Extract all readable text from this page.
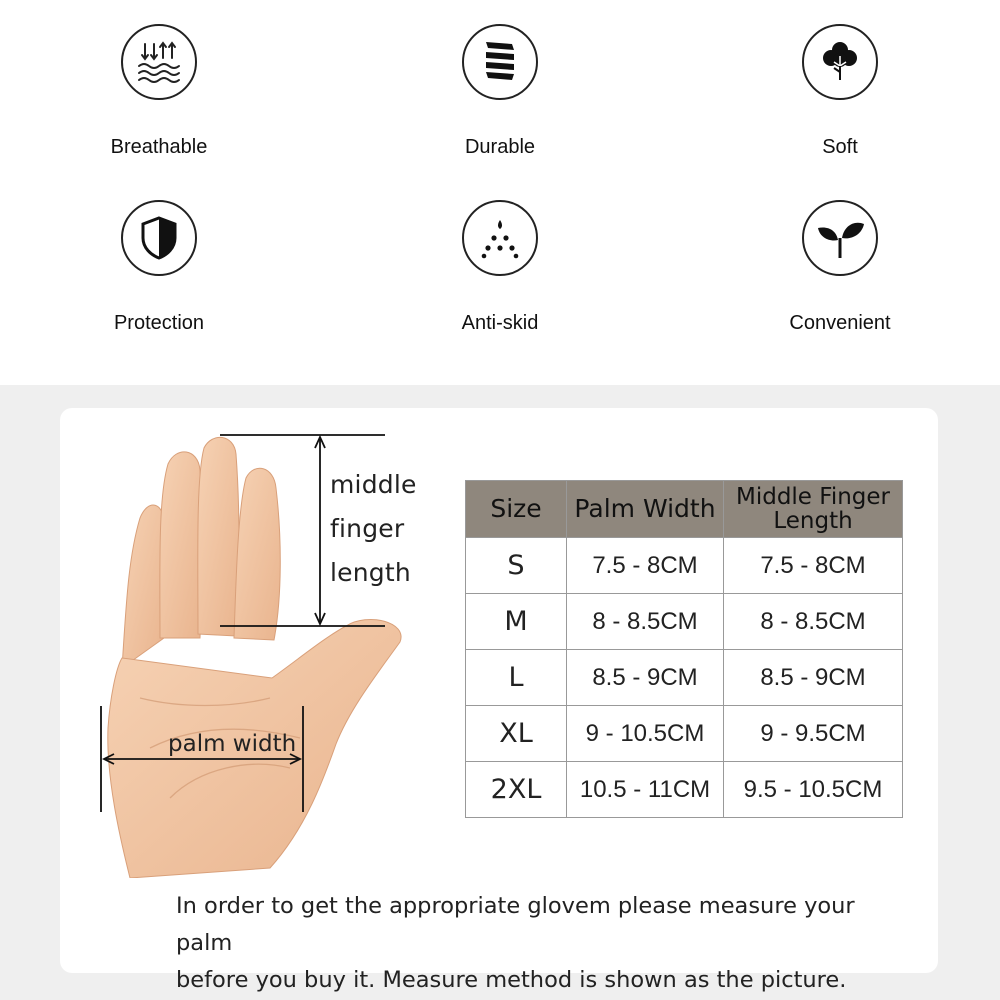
Breathable	Durable	Soft
Protection	Anti-skid	Convenient
middle
finger
length
palm width
Size	Palm Width	Middle Finger
Length

S	7.5 - 8CM	7.5 - 8CM
M	8 - 8.5CM	8 - 8.5CM
L	8.5 - 9CM	8.5 - 9CM
XL	9 - 10.5CM	9 - 9.5CM
2XL	10.5 - 11CM	9.5 - 10.5CM
In order to get the appropriate glovem please measure your palm
before you buy it. Measure method is shown as the picture.
